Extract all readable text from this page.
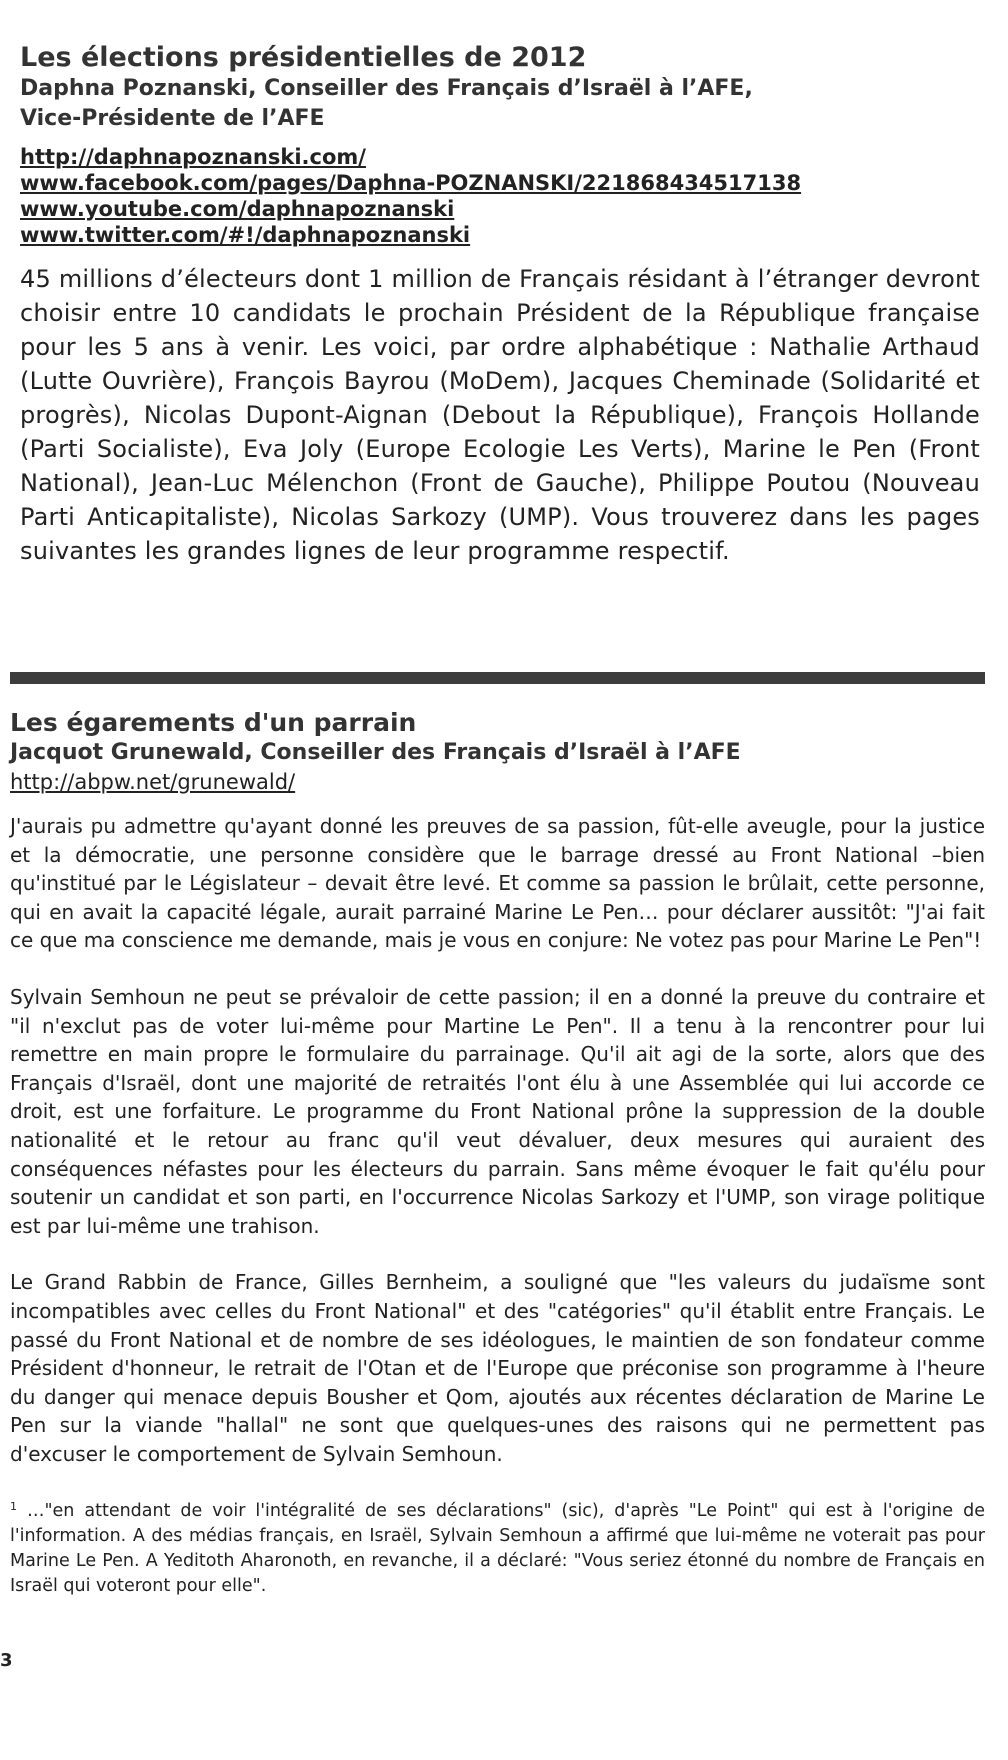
Les élections présidentielles de 2012
Daphna Poznanski, Conseiller des Français d’Israël à l’AFE,
Vice-Présidente de l’AFE
http://daphnapoznanski.com/
www.facebook.com/pages/Daphna-POZNANSKI/221868434517138
www.youtube.com/daphnapoznanski
www.twitter.com/#!/daphnapoznanski

45 millions d’électeurs dont 1 million de Français résidant à l’étranger devront choisir entre 10 candidats le prochain Président de la République française pour les 5 ans à venir. Les voici, par ordre alphabétique : Nathalie Arthaud (Lutte Ouvrière), François Bayrou (MoDem), Jacques Cheminade (Solidarité et progrès), Nicolas Dupont-Aignan (Debout la République), François Hollande (Parti Socialiste), Eva Joly (Europe Ecologie Les Verts), Marine le Pen (Front National), Jean-Luc Mélenchon (Front de Gauche), Philippe Poutou (Nouveau Parti Anticapitaliste), Nicolas Sarkozy (UMP). Vous trouverez dans les pages suivantes les grandes lignes de leur programme respectif.

Les égarements d'un parrain
Jacquot Grunewald, Conseiller des Français d’Israël à l’AFE
http://abpw.net/grunewald/

J'aurais pu admettre qu'ayant donné les preuves de sa passion, fût-elle aveugle, pour la justice et la démocratie, une personne considère que le barrage dressé au Front National –bien qu'institué par le Législateur – devait être levé. Et comme sa passion le brûlait, cette personne, qui en avait la capacité légale, aurait parrainé Marine Le Pen… pour déclarer aussitôt: "J'ai fait ce que ma conscience me demande, mais je vous en conjure: Ne votez pas pour Marine Le Pen"!

Sylvain Semhoun ne peut se prévaloir de cette passion; il en a donné la preuve du contraire et "il n'exclut pas de voter lui-même pour Martine Le Pen". Il a tenu à la rencontrer pour lui remettre en main propre le formulaire du parrainage. Qu'il ait agi de la sorte, alors que des Français d'Israël, dont une majorité de retraités l'ont élu à une Assemblée qui lui accorde ce droit, est une forfaiture. Le programme du Front National prône la suppression de la double nationalité et le retour au franc qu'il veut dévaluer, deux mesures qui auraient des conséquences néfastes pour les électeurs du parrain. Sans même évoquer le fait qu'élu pour soutenir un candidat et son parti, en l'occurrence Nicolas Sarkozy et l'UMP, son virage politique est par lui-même une trahison.

Le Grand Rabbin de France, Gilles Bernheim, a souligné que "les valeurs du judaïsme sont incompatibles avec celles du Front National" et des "catégories" qu'il établit entre Français. Le passé du Front National et de nombre de ses idéologues, le maintien de son fondateur comme Président d'honneur, le retrait de l'Otan et de l'Europe que préconise son programme à l'heure du danger qui menace depuis Bousher et Qom, ajoutés aux récentes déclaration de Marine Le Pen sur la viande "hallal" ne sont que quelques-unes des raisons qui ne permettent pas d'excuser le comportement de Sylvain Semhoun.

$^1$ …"en attendant de voir l'intégralité de ses déclarations" (sic), d'après "Le Point" qui est à l'origine de l'information. A des médias français, en Israël, Sylvain Semhoun a affirmé que lui-même ne voterait pas pour Marine Le Pen. A Yeditoth Aharonoth, en revanche, il a déclaré: "Vous seriez étonné du nombre de Français en Israël qui voteront pour elle".
3
